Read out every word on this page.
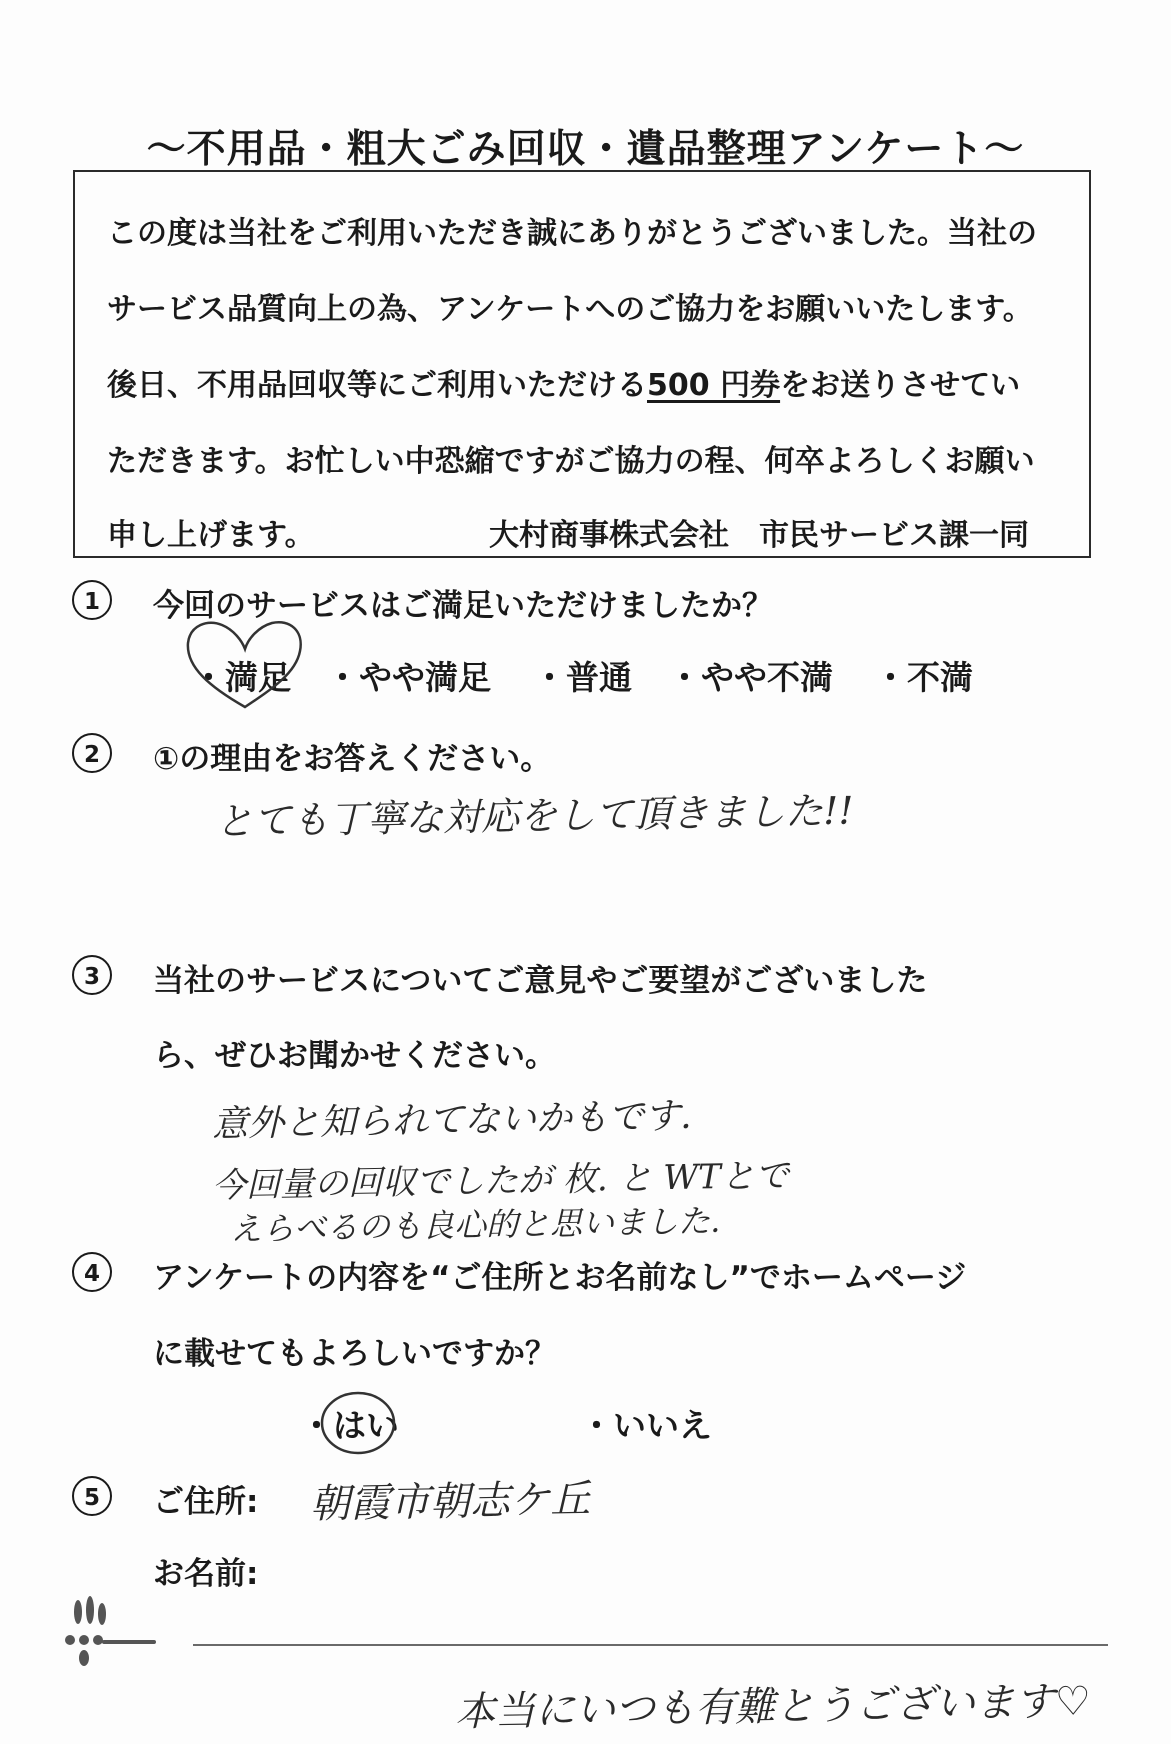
～不用品・粗大ごみ回収・遺品整理アンケート～
この度は当社をご利用いただき誠にありがとうございました。当社の
サービス品質向上の為、アンケートへのご協力をお願いいたします。
後日、不用品回収等にご利用いただける500 円券をお送りさせてい
ただきます。お忙しい中恐縮ですがご協力の程、何卒よろしくお願い
申し上げます。	大村商事株式会社　市民サービス課一同
1	今回のサービスはご満足いただけましたか？
・満足 ・やや満足 ・普通 ・やや不満 ・不満
2	①の理由をお答えください。
とても丁寧な対応をして頂きました!!
3	当社のサービスについてご意見やご要望がございました
ら、ぜひお聞かせください。
意外と知られてないかもです.
今回量の回収でしたが 枚. と WTとで
えらべるのも良心的と思いました.
4	アンケートの内容を“ご住所とお名前なし”でホームページ
に載せてもよろしいですか？
・はい	・いいえ
5	ご住所: 朝霞市朝志ケ丘
お名前:
本当にいつも有難とうございます♡
